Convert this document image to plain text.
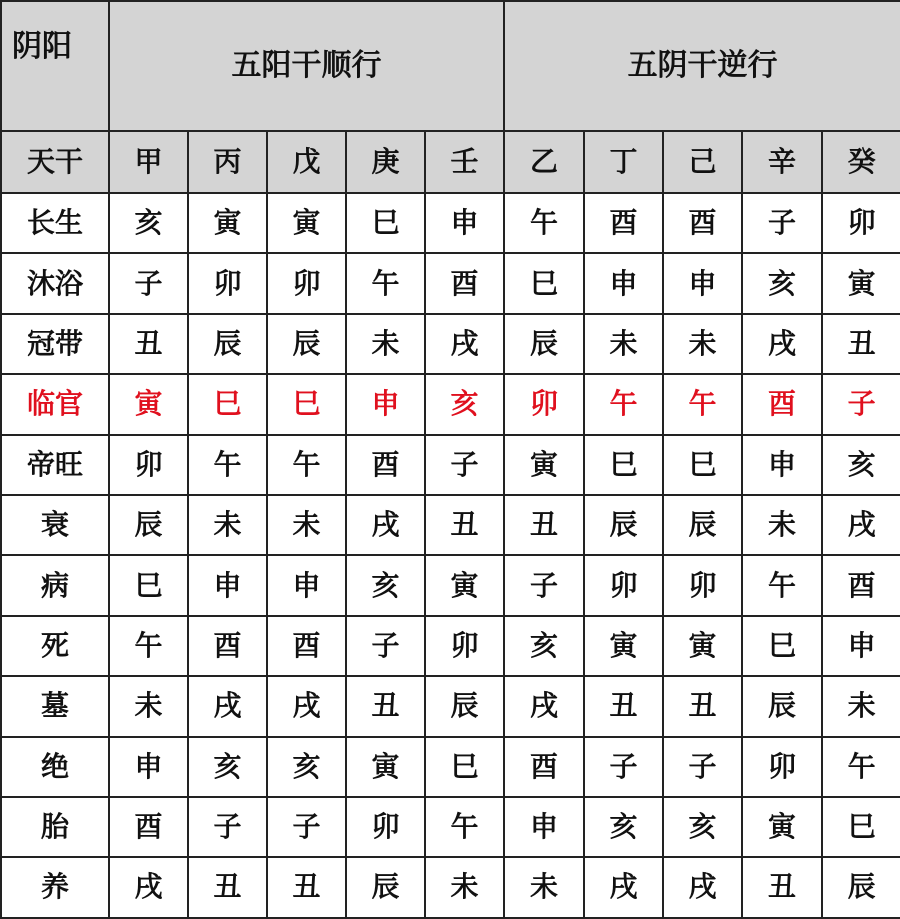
阴阳	五阳干顺行					五阴干逆行				
天干	甲	丙	戊	庚	壬	乙	丁	己	辛	癸
长生	亥	寅	寅	巳	申	午	酉	酉	子	卯
沐浴	子	卯	卯	午	酉	巳	申	申	亥	寅
冠带	丑	辰	辰	未	戌	辰	未	未	戌	丑
临官	寅	巳	巳	申	亥	卯	午	午	酉	子
帝旺	卯	午	午	酉	子	寅	巳	巳	申	亥
衰	辰	未	未	戌	丑	丑	辰	辰	未	戌
病	巳	申	申	亥	寅	子	卯	卯	午	酉
死	午	酉	酉	子	卯	亥	寅	寅	巳	申
墓	未	戌	戌	丑	辰	戌	丑	丑	辰	未
绝	申	亥	亥	寅	巳	酉	子	子	卯	午
胎	酉	子	子	卯	午	申	亥	亥	寅	巳
养	戌	丑	丑	辰	未	未	戌	戌	丑	辰
